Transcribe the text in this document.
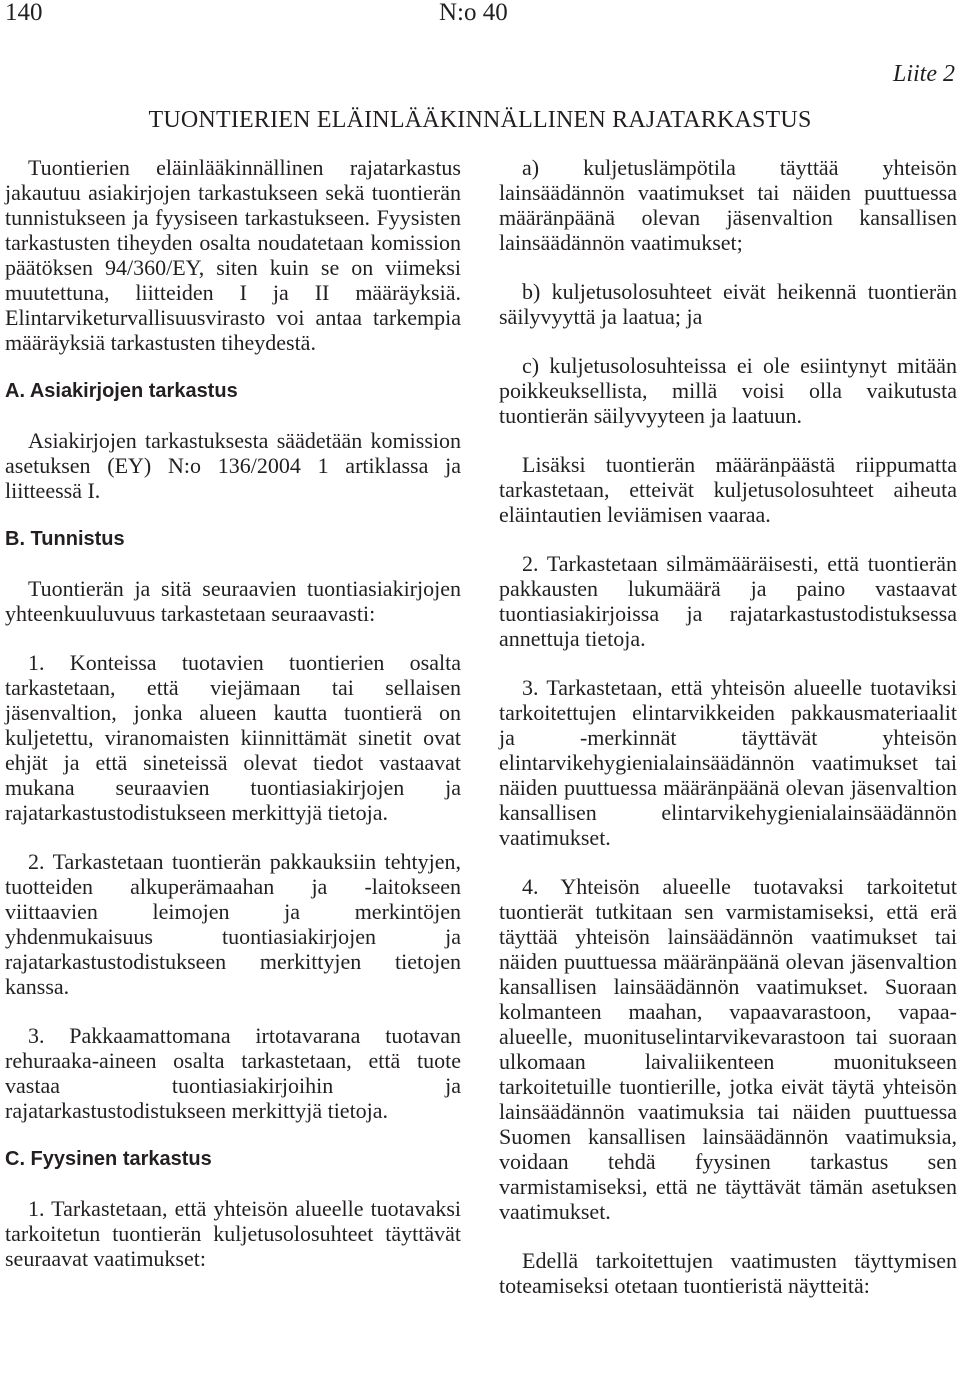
140	N:o 40
Liite 2
TUONTIERIEN ELÄINLÄÄKINNÄLLINEN RAJATARKASTUS

Tuontierien eläinlääkinnällinen rajatarkastus jakautuu asiakirjojen tarkastukseen sekä tuontierän tunnistukseen ja fyysiseen tarkastukseen. Fyysisten tarkastusten tiheyden osalta noudatetaan komission päätöksen 94/360/EY, siten kuin se on viimeksi muutettuna, liitteiden I ja II määräyksiä. Elintarviketurvallisuusvirasto voi antaa tarkempia määräyksiä tarkastusten tiheydestä.

A. Asiakirjojen tarkastus

Asiakirjojen tarkastuksesta säädetään komission asetuksen (EY) N:o 136/2004 1 artiklassa ja liitteessä I.

B. Tunnistus

Tuontierän ja sitä seuraavien tuontiasiakirjojen yhteenkuuluvuus tarkastetaan seuraavasti:

1. Konteissa tuotavien tuontierien osalta tarkastetaan, että viejämaan tai sellaisen jäsenvaltion, jonka alueen kautta tuontierä on kuljetettu, viranomaisten kiinnittämät sinetit ovat ehjät ja että sineteissä olevat tiedot vastaavat mukana seuraavien tuontiasiakirjojen ja rajatarkastustodistukseen merkittyjä tietoja.

2. Tarkastetaan tuontierän pakkauksiin tehtyjen, tuotteiden alkuperämaahan ja -laitokseen viittaavien leimojen ja merkintöjen yhdenmukaisuus tuontiasiakirjojen ja rajatarkastustodistukseen merkittyjen tietojen kanssa.

3. Pakkaamattomana irtotavarana tuotavan rehuraaka-aineen osalta tarkastetaan, että tuote vastaa tuontiasiakirjoihin ja rajatarkastustodistukseen merkittyjä tietoja.

C. Fyysinen tarkastus

1. Tarkastetaan, että yhteisön alueelle tuotavaksi tarkoitetun tuontierän kuljetusolosuhteet täyttävät seuraavat vaatimukset:

a) kuljetuslämpötila täyttää yhteisön lainsäädännön vaatimukset tai näiden puuttuessa määränpäänä olevan jäsenvaltion kansallisen lainsäädännön vaatimukset;

b) kuljetusolosuhteet eivät heikennä tuontierän säilyvyyttä ja laatua; ja

c) kuljetusolosuhteissa ei ole esiintynyt mitään poikkeuksellista, millä voisi olla vaikutusta tuontierän säilyvyyteen ja laatuun.

Lisäksi tuontierän määränpäästä riippumatta tarkastetaan, etteivät kuljetusolosuhteet aiheuta eläintautien leviämisen vaaraa.

2. Tarkastetaan silmämääräisesti, että tuontierän pakkausten lukumäärä ja paino vastaavat tuontiasiakirjoissa ja rajatarkastustodistuksessa annettuja tietoja.

3. Tarkastetaan, että yhteisön alueelle tuotaviksi tarkoitettujen elintarvikkeiden pakkausmateriaalit ja -merkinnät täyttävät yhteisön elintarvikehygienialainsäädännön vaatimukset tai näiden puuttuessa määränpäänä olevan jäsenvaltion kansallisen elintarvikehygienialainsäädännön vaatimukset.

4. Yhteisön alueelle tuotavaksi tarkoitetut tuontierät tutkitaan sen varmistamiseksi, että erä täyttää yhteisön lainsäädännön vaatimukset tai näiden puuttuessa määränpäänä olevan jäsenvaltion kansallisen lainsäädännön vaatimukset. Suoraan kolmanteen maahan, vapaavarastoon, vapaa-alueelle, muonituselintarvikevarastoon tai suoraan ulkomaan laivaliikenteen muonitukseen tarkoitetuille tuontierille, jotka eivät täytä yhteisön lainsäädännön vaatimuksia tai näiden puuttuessa Suomen kansallisen lainsäädännön vaatimuksia, voidaan tehdä fyysinen tarkastus sen varmistamiseksi, että ne täyttävät tämän asetuksen vaatimukset.

Edellä tarkoitettujen vaatimusten täyttymisen toteamiseksi otetaan tuontieristä näytteitä:
